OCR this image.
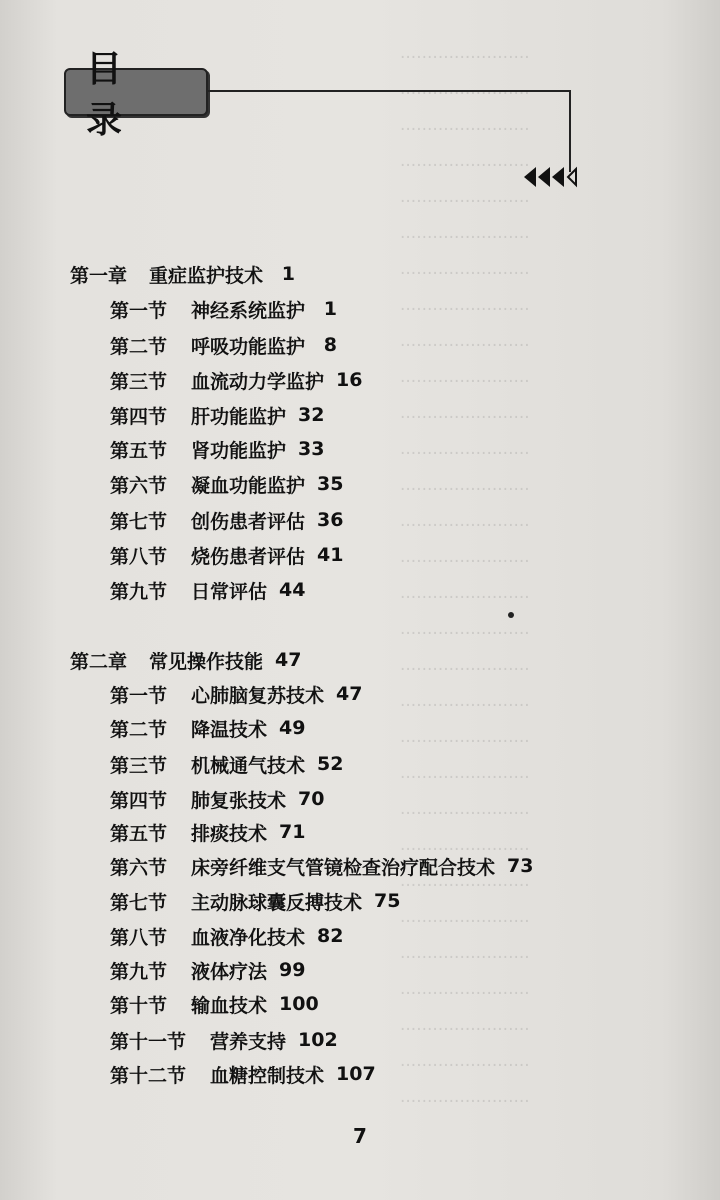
························
························
························
························
························
························
························
························
························
························
························
························
························
························
························
························
························
························
························
························
························
························
························
························
························
························
························
························
························
························
目 录
第一章 重症监护技术 1
第一节 神经系统监护 1
第二节 呼吸功能监护 8
第三节 血流动力学监护 16
第四节 肝功能监护 32
第五节 肾功能监护 33
第六节 凝血功能监护 35
第七节 创伤患者评估 36
第八节 烧伤患者评估 41
第九节 日常评估 44
第二章 常见操作技能 47
第一节 心肺脑复苏技术 47
第二节 降温技术 49
第三节 机械通气技术 52
第四节 肺复张技术 70
第五节 排痰技术 71
第六节 床旁纤维支气管镜检查治疗配合技术 73
第七节 主动脉球囊反搏技术 75
第八节 血液净化技术 82
第九节 液体疗法 99
第十节 输血技术 100
第十一节 营养支持 102
第十二节 血糖控制技术 107
7
